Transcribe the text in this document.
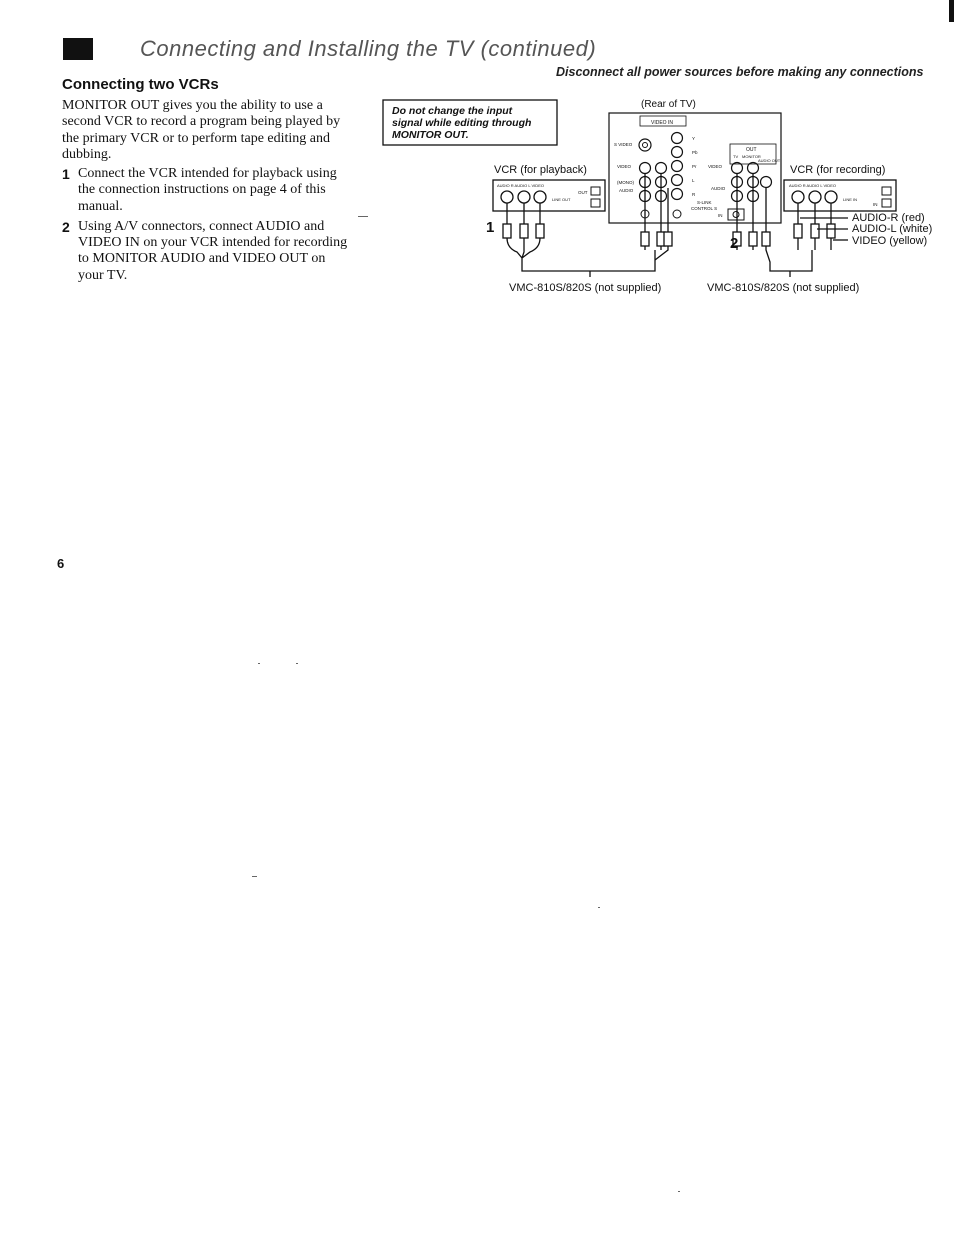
Connecting and Installing the TV (continued)
Connecting two VCRs
Disconnect all power sources before making any connections

MONITOR OUT gives you the ability to use a second VCR to record a program being played by the primary VCR or to perform tape editing and dubbing.

1 Connect the VCR intended for playback using the connection instructions on page 4 of this manual.
2 Using A/V connectors, connect AUDIO and VIDEO IN on your VCR intended for recording to MONITOR AUDIO and VIDEO OUT on your TV.
Do not change the input
signal while editing through
MONITOR OUT.
(Rear of TV)
VIDEO IN
OUT
TV MONITOR
AUDIO OUT
S VIDEO
VIDEO
(MONO)
AUDIO
Y
Pb
Pr
L
R
VIDEO
AUDIO
S-LINK
CONTROL S
IN
VCR (for playback)
AUDIO R AUDIO L VIDEO
LINE OUT
OUT
VCR (for recording)
AUDIO R AUDIO L VIDEO
LINE IN
IN
1
2
AUDIO-R (red)
AUDIO-L (white)
VIDEO (yellow)
VMC-810S/820S (not supplied)	VMC-810S/820S (not supplied)
6
